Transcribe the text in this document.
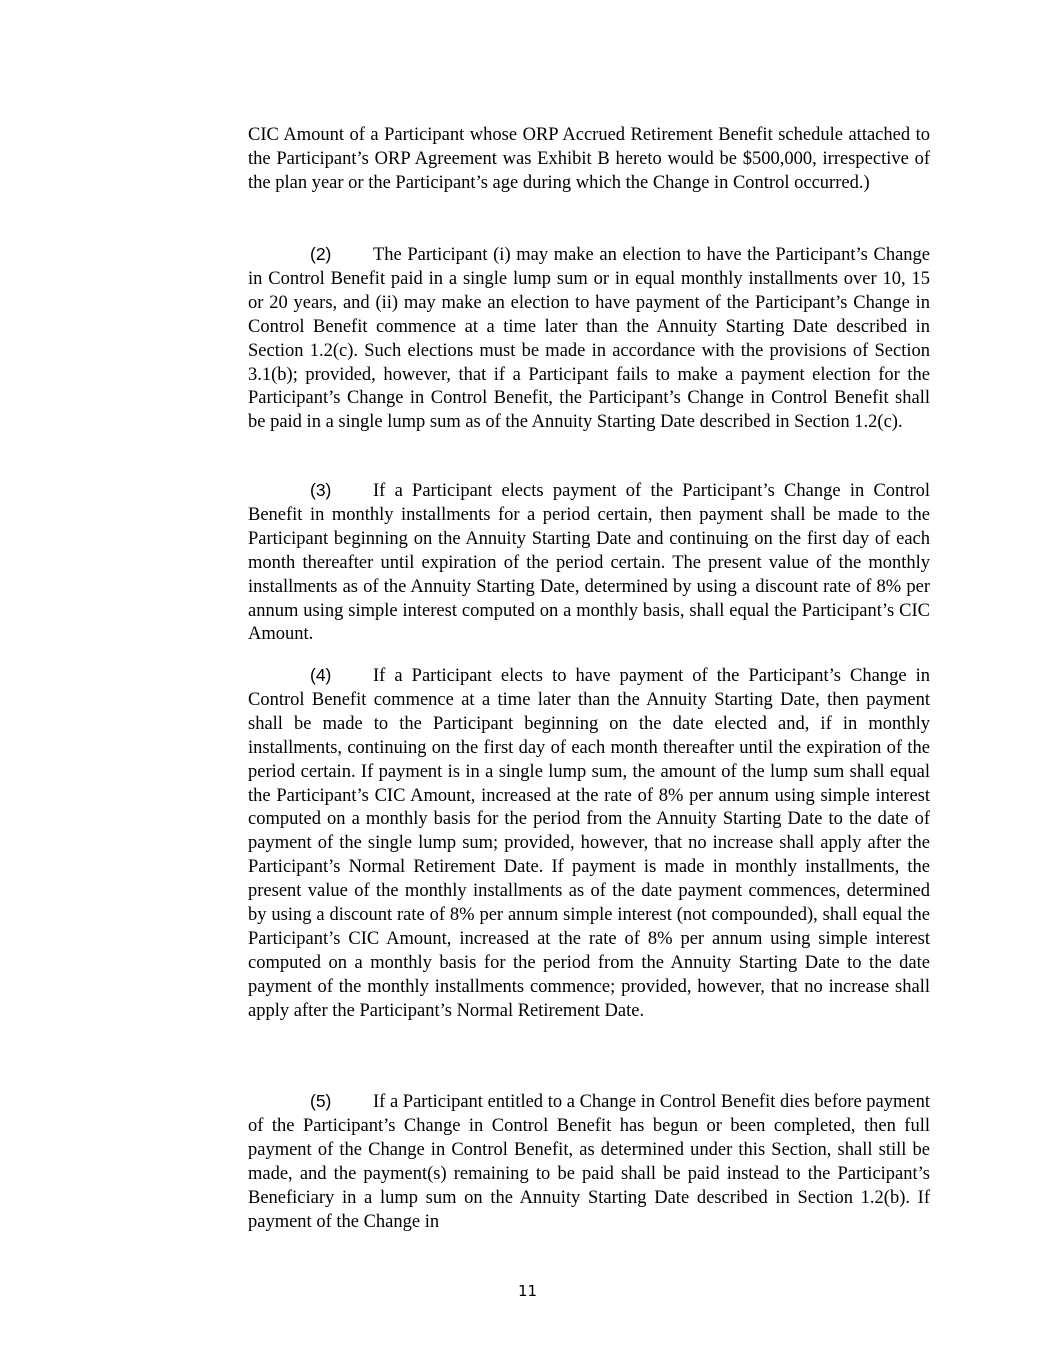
CIC Amount of a Participant whose ORP Accrued Retirement Benefit schedule attached to the Participant’s ORP Agreement was Exhibit B hereto would be $500,000, irrespective of the plan year or the Participant’s age during which the Change in Control occurred.)

(2) The Participant (i) may make an election to have the Participant’s Change in Control Benefit paid in a single lump sum or in equal monthly installments over 10, 15 or 20 years, and (ii) may make an election to have payment of the Participant’s Change in Control Benefit commence at a time later than the Annuity Starting Date described in Section 1.2(c). Such elections must be made in accordance with the provisions of Section 3.1(b); provided, however, that if a Participant fails to make a payment election for the Participant’s Change in Control Benefit, the Participant’s Change in Control Benefit shall be paid in a single lump sum as of the Annuity Starting Date described in Section 1.2(c).

(3) If a Participant elects payment of the Participant’s Change in Control Benefit in monthly installments for a period certain, then payment shall be made to the Participant beginning on the Annuity Starting Date and continuing on the first day of each month thereafter until expiration of the period certain. The present value of the monthly installments as of the Annuity Starting Date, determined by using a discount rate of 8% per annum using simple interest computed on a monthly basis, shall equal the Participant’s CIC Amount.

(4) If a Participant elects to have payment of the Participant’s Change in Control Benefit commence at a time later than the Annuity Starting Date, then payment shall be made to the Participant beginning on the date elected and, if in monthly installments, continuing on the first day of each month thereafter until the expiration of the period certain. If payment is in a single lump sum, the amount of the lump sum shall equal the Participant’s CIC Amount, increased at the rate of 8% per annum using simple interest computed on a monthly basis for the period from the Annuity Starting Date to the date of payment of the single lump sum; provided, however, that no increase shall apply after the Participant’s Normal Retirement Date. If payment is made in monthly installments, the present value of the monthly installments as of the date payment commences, determined by using a discount rate of 8% per annum simple interest (not compounded), shall equal the Participant’s CIC Amount, increased at the rate of 8% per annum using simple interest computed on a monthly basis for the period from the Annuity Starting Date to the date payment of the monthly installments commence; provided, however, that no increase shall apply after the Participant’s Normal Retirement Date.

(5) If a Participant entitled to a Change in Control Benefit dies before payment of the Participant’s Change in Control Benefit has begun or been completed, then full payment of the Change in Control Benefit, as determined under this Section, shall still be made, and the payment(s) remaining to be paid shall be paid instead to the Participant’s Beneficiary in a lump sum on the Annuity Starting Date described in Section 1.2(b). If payment of the Change in

11
